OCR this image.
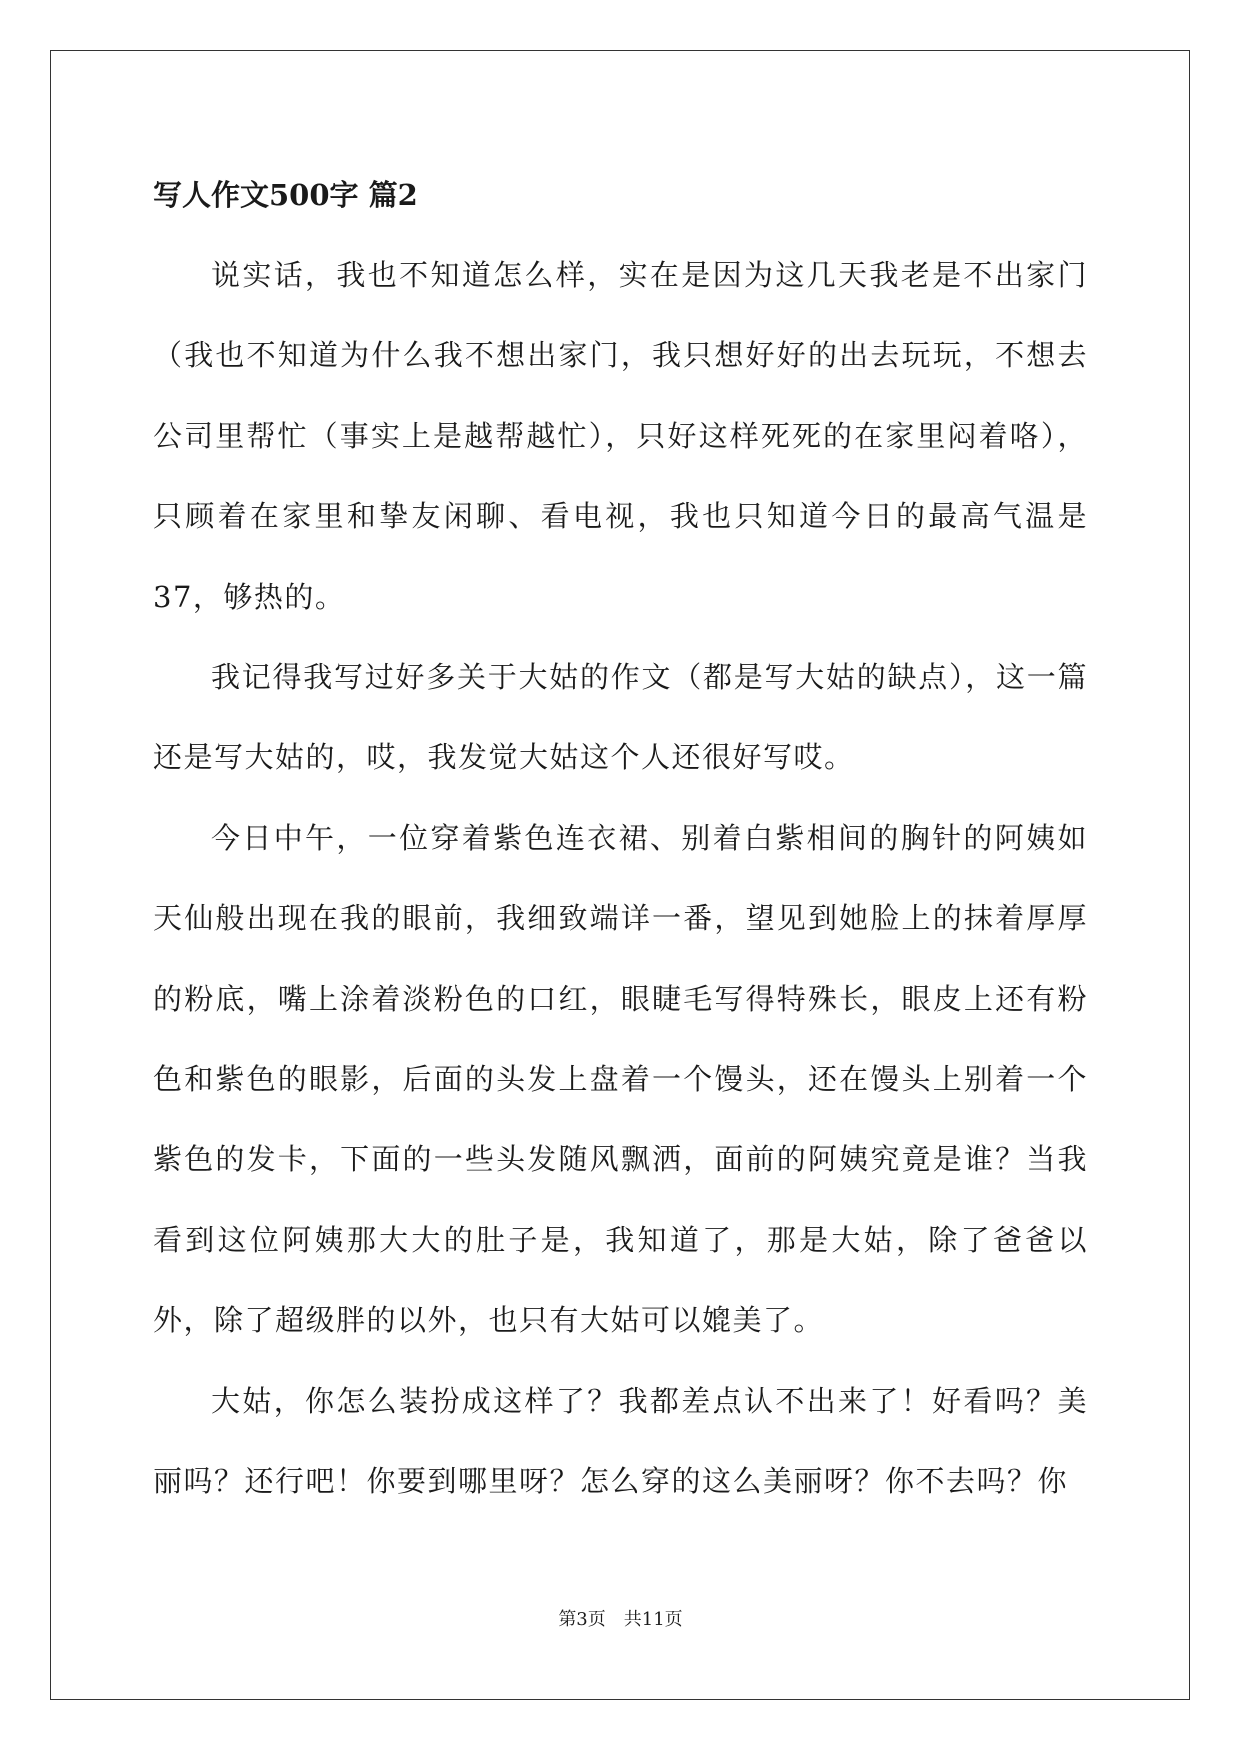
写人作文500字 篇2

说实话，我也不知道怎么样，实在是因为这几天我老是不出家门（我也不知道为什么我不想出家门，我只想好好的出去玩玩，不想去公司里帮忙（事实上是越帮越忙），只好这样死死的在家里闷着咯），只顾着在家里和挚友闲聊、看电视，我也只知道今日的最高气温是37，够热的。

我记得我写过好多关于大姑的作文（都是写大姑的缺点），这一篇还是写大姑的，哎，我发觉大姑这个人还很好写哎。

今日中午，一位穿着紫色连衣裙、别着白紫相间的胸针的阿姨如天仙般出现在我的眼前，我细致端详一番，望见到她脸上的抹着厚厚的粉底，嘴上涂着淡粉色的口红，眼睫毛写得特殊长，眼皮上还有粉色和紫色的眼影，后面的头发上盘着一个馒头，还在馒头上别着一个紫色的发卡，下面的一些头发随风飘洒，面前的阿姨究竟是谁？当我看到这位阿姨那大大的肚子是，我知道了，那是大姑，除了爸爸以外，除了超级胖的以外，也只有大姑可以媲美了。

大姑，你怎么装扮成这样了？我都差点认不出来了！好看吗？美丽吗？还行吧！你要到哪里呀？怎么穿的这么美丽呀？你不去吗？你

第3页　共11页
